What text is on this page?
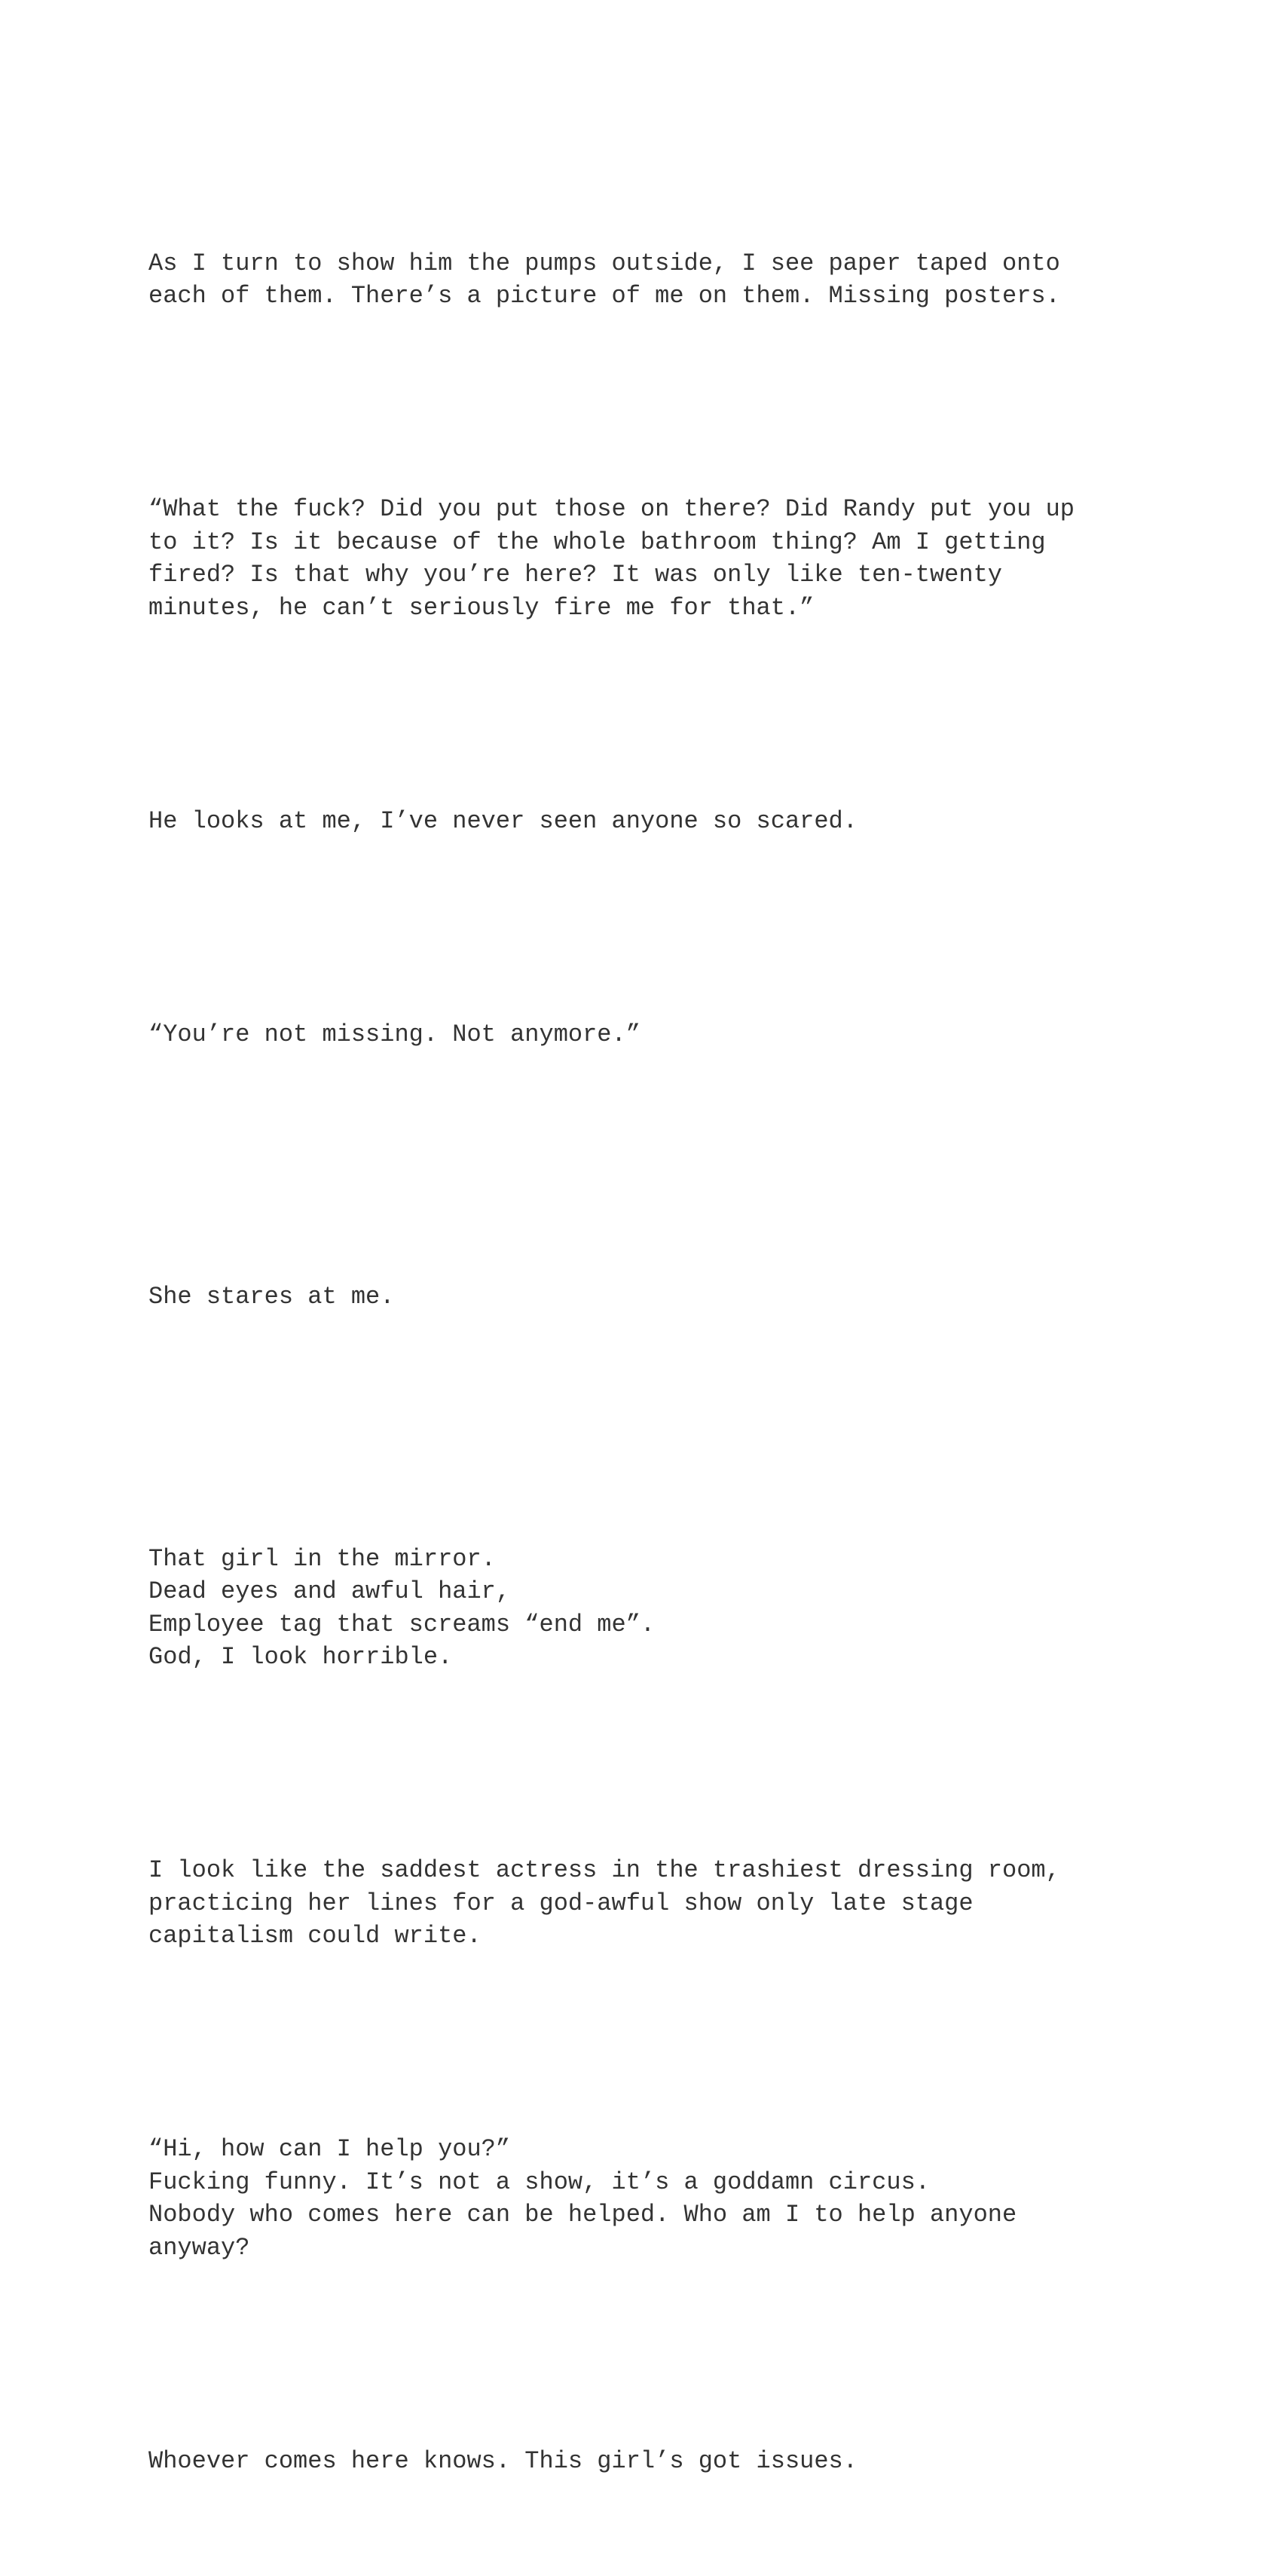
As I turn to show him the pumps outside, I see paper taped onto
each of them. There’s a picture of me on them. Missing posters.

“What the fuck? Did you put those on there? Did Randy put you up
to it? Is it because of the whole bathroom thing? Am I getting
fired? Is that why you’re here? It was only like ten-twenty
minutes, he can’t seriously fire me for that.”

He looks at me, I’ve never seen anyone so scared.

“You’re not missing. Not anymore.”

She stares at me.

That girl in the mirror.
Dead eyes and awful hair,
Employee tag that screams “end me”.
God, I look horrible.

I look like the saddest actress in the trashiest dressing room,
practicing her lines for a god-awful show only late stage
capitalism could write.

“Hi, how can I help you?”
Fucking funny. It’s not a show, it’s a goddamn circus.
Nobody who comes here can be helped. Who am I to help anyone
anyway?

Whoever comes here knows. This girl’s got issues.
